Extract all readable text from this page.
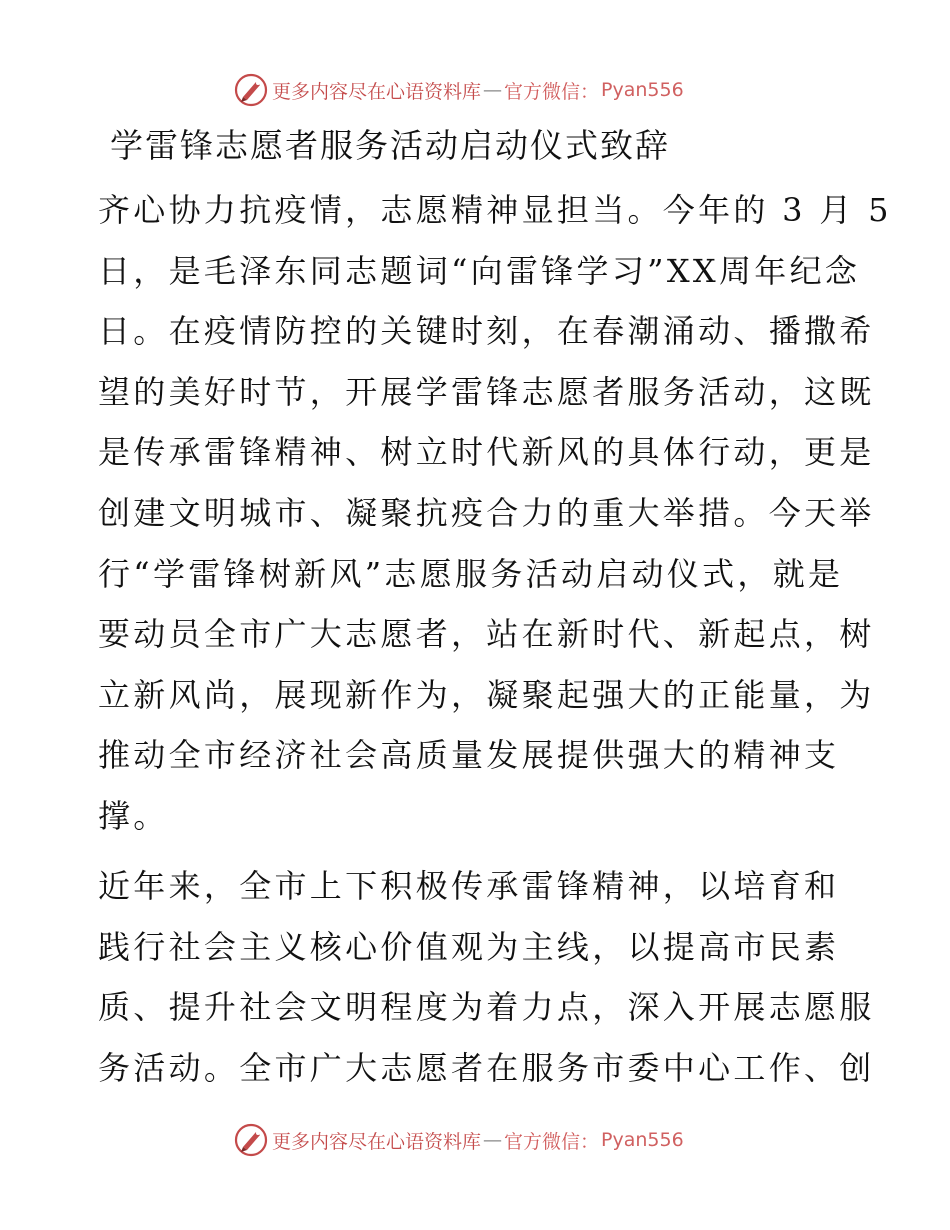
更多内容尽在心语资料库 — 官方微信： Pyan556
学雷锋志愿者服务活动启动仪式致辞
齐心协力抗疫情，志愿精神显担当。今年的 3 月 5
日，是毛泽东同志题词“向雷锋学习”XX周年纪念
日。在疫情防控的关键时刻，在春潮涌动、播撒希
望的美好时节，开展学雷锋志愿者服务活动，这既
是传承雷锋精神、树立时代新风的具体行动，更是
创建文明城市、凝聚抗疫合力的重大举措。今天举
行“学雷锋树新风”志愿服务活动启动仪式，就是
要动员全市广大志愿者，站在新时代、新起点，树
立新风尚，展现新作为，凝聚起强大的正能量，为
推动全市经济社会高质量发展提供强大的精神支
撑。
近年来，全市上下积极传承雷锋精神，以培育和
践行社会主义核心价值观为主线，以提高市民素
质、提升社会文明程度为着力点，深入开展志愿服
务活动。全市广大志愿者在服务市委中心工作、创
更多内容尽在心语资料库 — 官方微信： Pyan556
